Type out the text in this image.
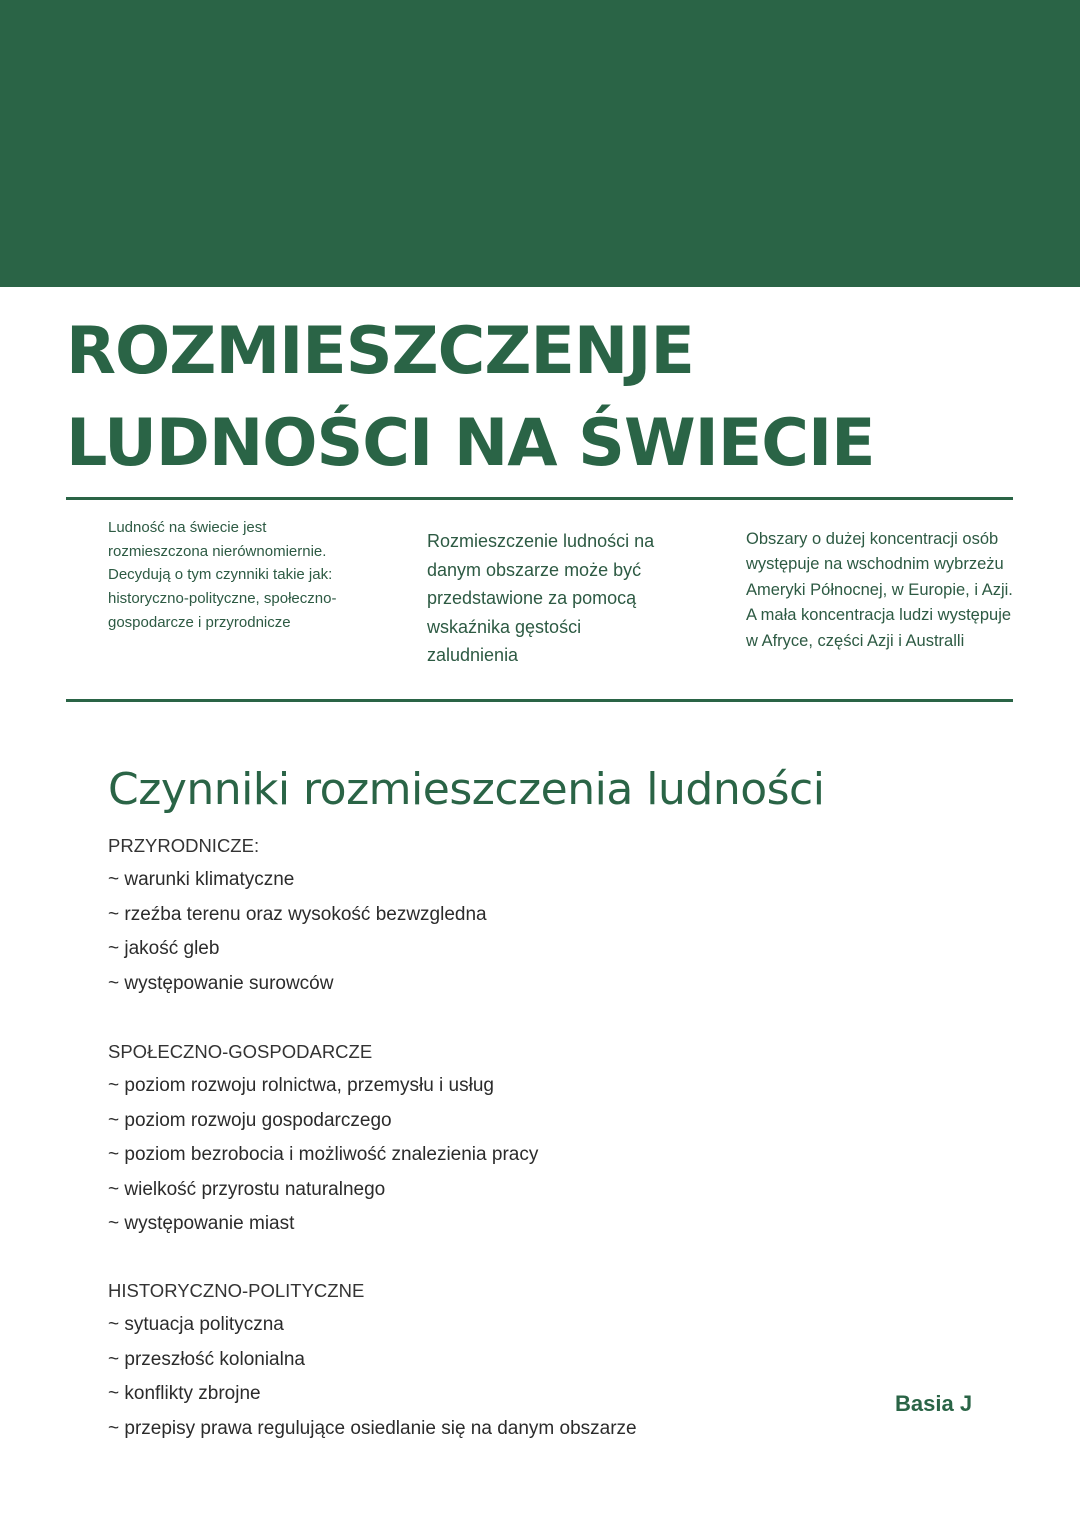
ROZMIESZCZENJE
LUDNOŚCI NA ŚWIECIE

Ludność na świecie jest rozmieszczona nierównomiernie. Decydują o tym czynniki takie jak: historyczno-polityczne, społeczno-gospodarcze i przyrodnicze

Rozmieszczenie ludności na danym obszarze może być przedstawione za pomocą wskaźnika gęstości zaludnienia

Obszary o dużej koncentracji osób występuje na wschodnim wybrzeżu Ameryki Północnej, w Europie, i Azji. A mała koncentracja ludzi występuje w Afryce, części Azji i Australli

Czynniki rozmieszczenia ludności
PRZYRODNICZE:
~ warunki klimatyczne
~ rzeźba terenu oraz wysokość bezwzgledna
~ jakość gleb
~ występowanie surowców
SPOŁECZNO-GOSPODARCZE
~ poziom rozwoju rolnictwa, przemysłu i usług
~ poziom rozwoju gospodarczego
~ poziom bezrobocia i możliwość znalezienia pracy
~ wielkość przyrostu naturalnego
~ występowanie miast
HISTORYCZNO-POLITYCZNE
~ sytuacja polityczna
~ przeszłość kolonialna
~ konflikty zbrojne
~ przepisy prawa regulujące osiedlanie się na danym obszarze

Basia J
